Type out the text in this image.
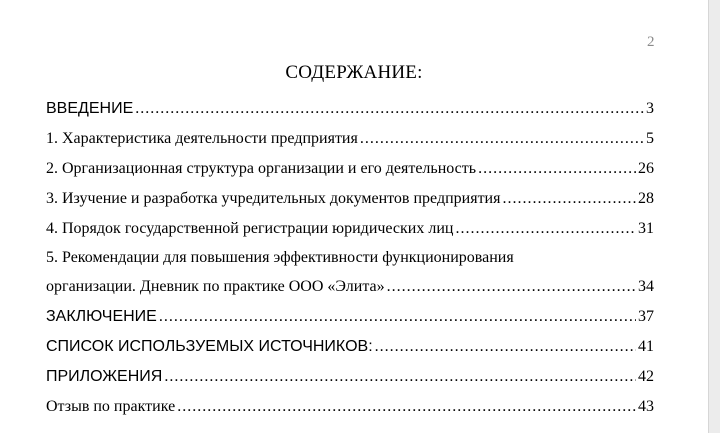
2
СОДЕРЖАНИЕ:
ВВЕДЕНИЕ .....	3
1. Характеристика деятельности предприятия .....	5
2. Организационная структура организации и его деятельность .....	26
3. Изучение и разработка учредительных документов предприятия .....	28
4. Порядок государственной регистрации юридических лиц .....	31
5. Рекомендации для повышения эффективности функционирования
организации. Дневник по практике ООО «Элита» .....	34
ЗАКЛЮЧЕНИЕ .....	37
СПИСОК ИСПОЛЬЗУЕМЫХ ИСТОЧНИКОВ: .....	41
ПРИЛОЖЕНИЯ .....	42
Отзыв по практике .....	43
